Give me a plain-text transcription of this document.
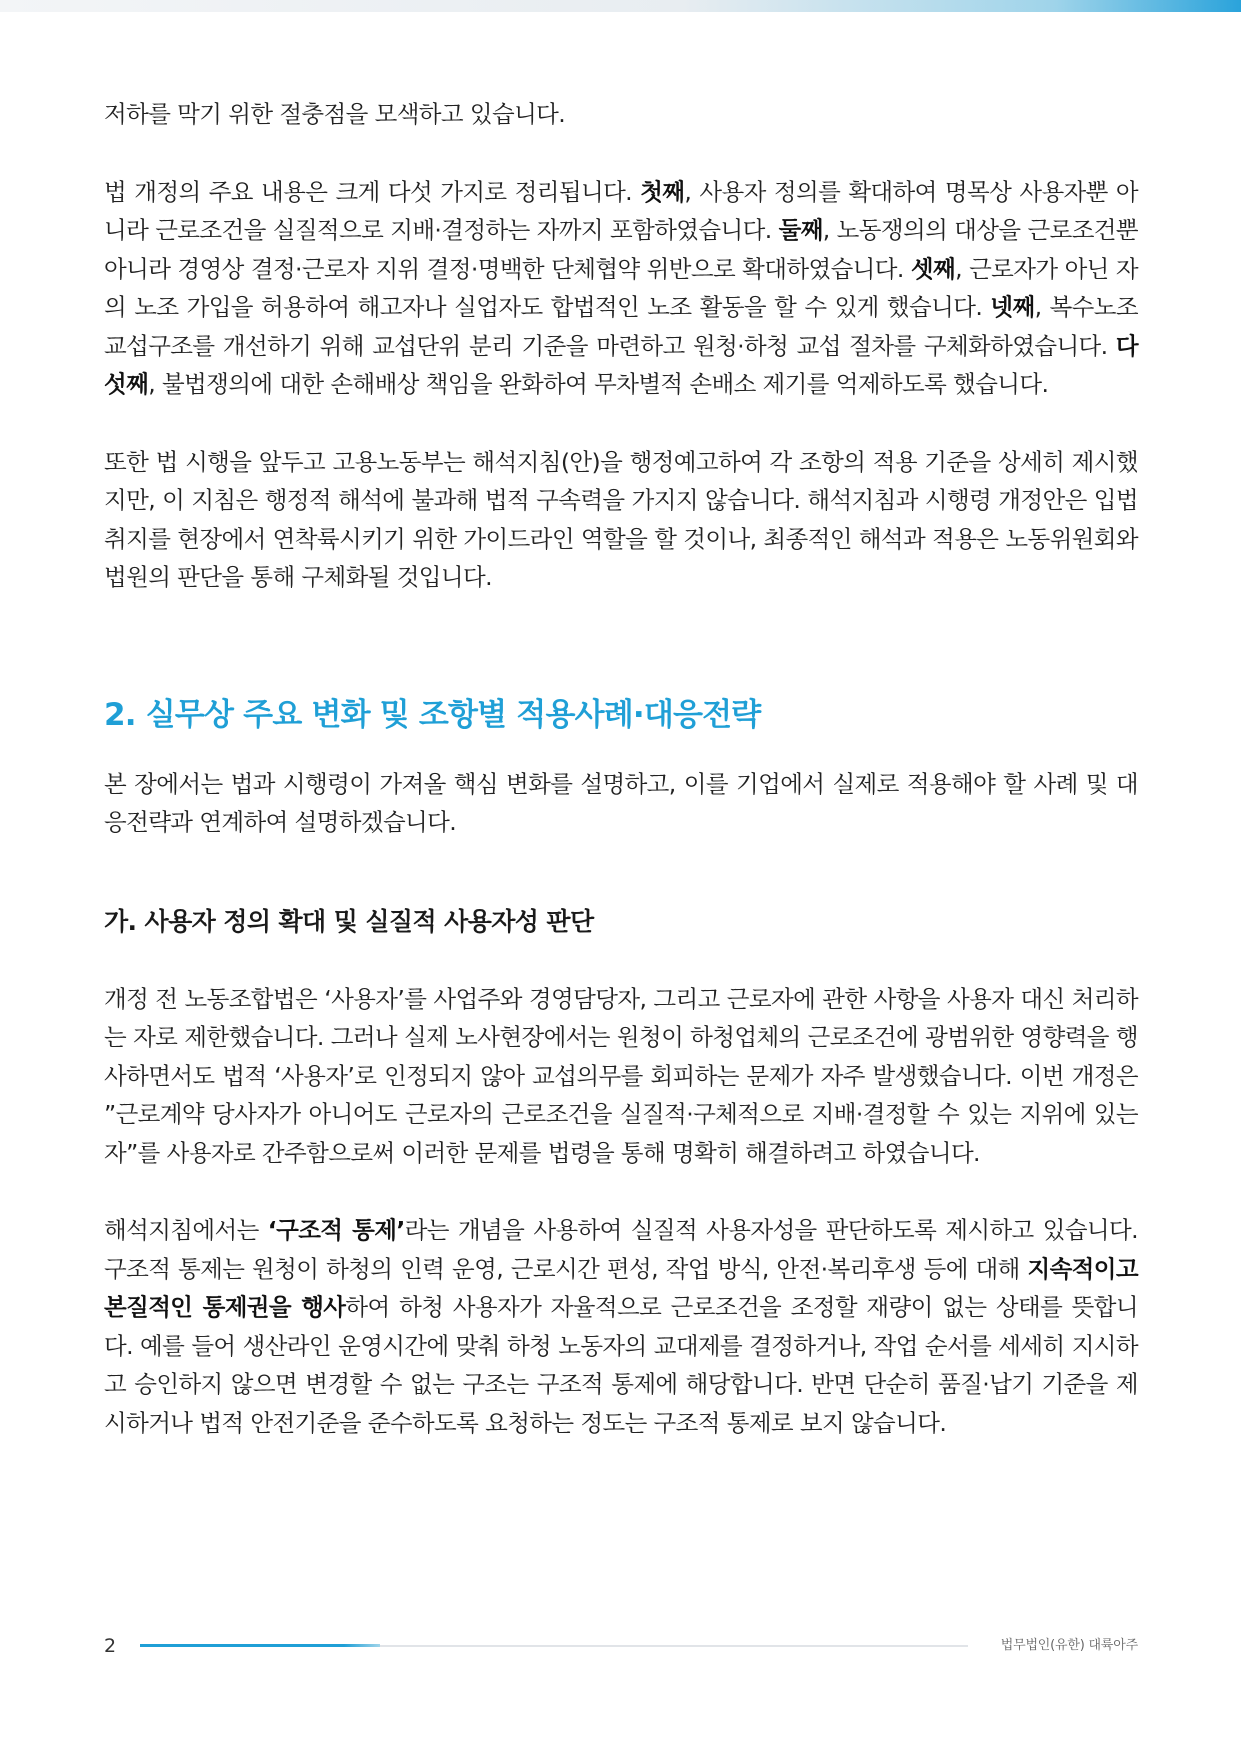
저하를 막기 위한 절충점을 모색하고 있습니다.

법 개정의 주요 내용은 크게 다섯 가지로 정리됩니다. 첫째, 사용자 정의를 확대하여 명목상 사용자뿐 아니라 근로조건을 실질적으로 지배·결정하는 자까지 포함하였습니다. 둘째, 노동쟁의의 대상을 근로조건뿐 아니라 경영상 결정·근로자 지위 결정·명백한 단체협약 위반으로 확대하였습니다. 셋째, 근로자가 아닌 자의 노조 가입을 허용하여 해고자나 실업자도 합법적인 노조 활동을 할 수 있게 했습니다. 넷째, 복수노조 교섭구조를 개선하기 위해 교섭단위 분리 기준을 마련하고 원청·하청 교섭 절차를 구체화하였습니다. 다섯째, 불법쟁의에 대한 손해배상 책임을 완화하여 무차별적 손배소 제기를 억제하도록 했습니다.

또한 법 시행을 앞두고 고용노동부는 해석지침(안)을 행정예고하여 각 조항의 적용 기준을 상세히 제시했지만, 이 지침은 행정적 해석에 불과해 법적 구속력을 가지지 않습니다. 해석지침과 시행령 개정안은 입법 취지를 현장에서 연착륙시키기 위한 가이드라인 역할을 할 것이나, 최종적인 해석과 적용은 노동위원회와 법원의 판단을 통해 구체화될 것입니다.

2. 실무상 주요 변화 및 조항별 적용사례·대응전략

본 장에서는 법과 시행령이 가져올 핵심 변화를 설명하고, 이를 기업에서 실제로 적용해야 할 사례 및 대응전략과 연계하여 설명하겠습니다.

가. 사용자 정의 확대 및 실질적 사용자성 판단

개정 전 노동조합법은 ‘사용자’를 사업주와 경영담당자, 그리고 근로자에 관한 사항을 사용자 대신 처리하는 자로 제한했습니다. 그러나 실제 노사현장에서는 원청이 하청업체의 근로조건에 광범위한 영향력을 행사하면서도 법적 ‘사용자’로 인정되지 않아 교섭의무를 회피하는 문제가 자주 발생했습니다. 이번 개정은 ”근로계약 당사자가 아니어도 근로자의 근로조건을 실질적·구체적으로 지배·결정할 수 있는 지위에 있는 자”를 사용자로 간주함으로써 이러한 문제를 법령을 통해 명확히 해결하려고 하였습니다.

해석지침에서는 ‘구조적 통제’라는 개념을 사용하여 실질적 사용자성을 판단하도록 제시하고 있습니다. 구조적 통제는 원청이 하청의 인력 운영, 근로시간 편성, 작업 방식, 안전·복리후생 등에 대해 지속적이고 본질적인 통제권을 행사하여 하청 사용자가 자율적으로 근로조건을 조정할 재량이 없는 상태를 뜻합니다. 예를 들어 생산라인 운영시간에 맞춰 하청 노동자의 교대제를 결정하거나, 작업 순서를 세세히 지시하고 승인하지 않으면 변경할 수 없는 구조는 구조적 통제에 해당합니다. 반면 단순히 품질·납기 기준을 제시하거나 법적 안전기준을 준수하도록 요청하는 정도는 구조적 통제로 보지 않습니다.

2	법무법인(유한) 대륙아주
